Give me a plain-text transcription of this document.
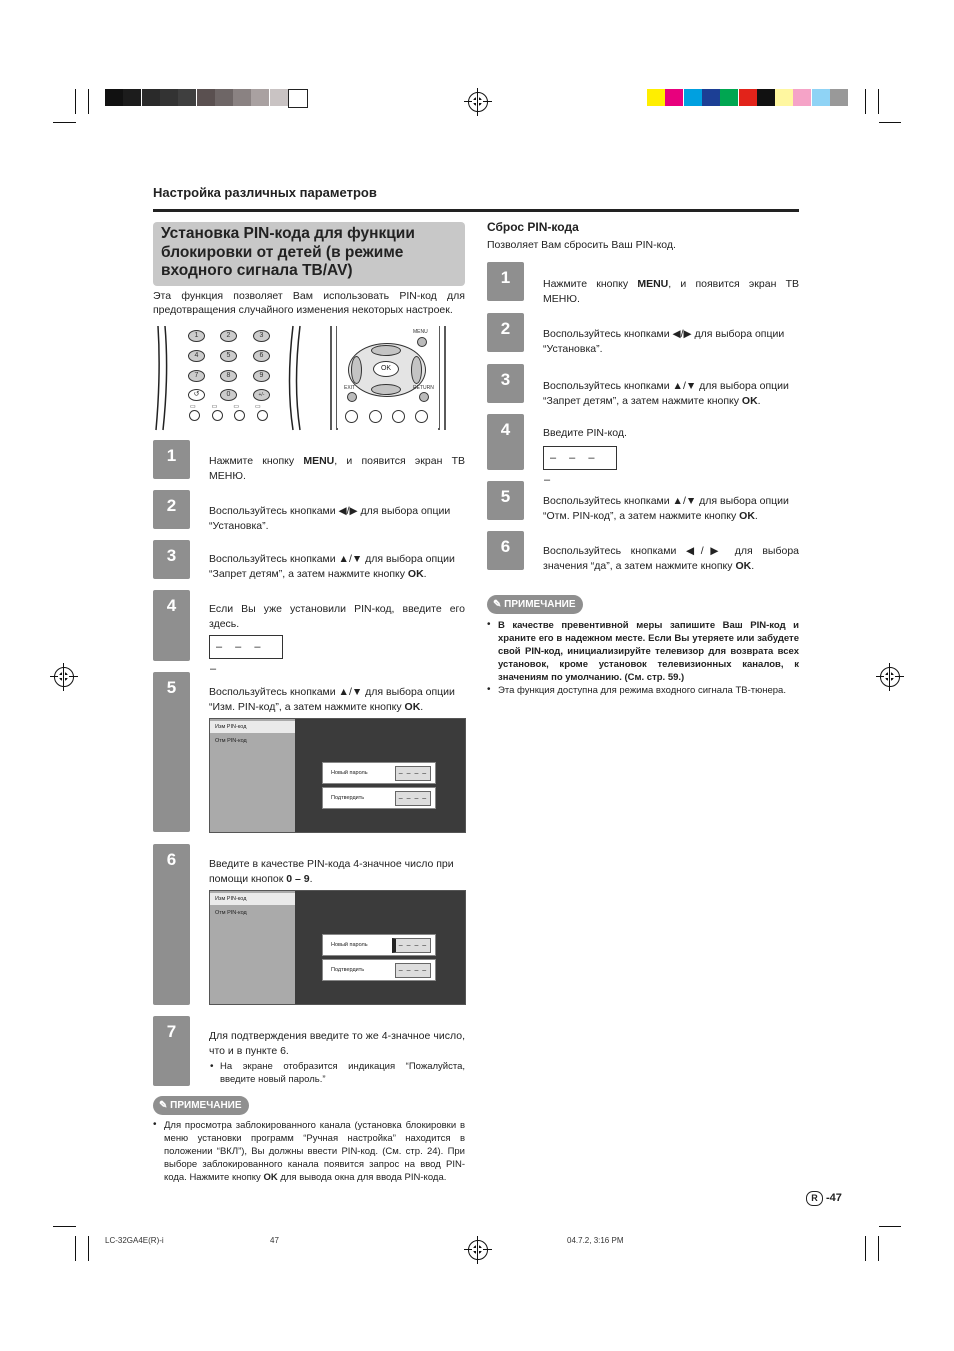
Настройка различных параметров
Установка PIN-кода для функции блокировки от детей (в режиме входного сигнала ТВ/AV)
Эта функция позволяет Вам использовать PIN-код для предотвращения случайного изменения некоторых настроек.
1	2	3
4	5	6
7	8	9
↺	0	+/-
▭▭▭▭
MENU
OK
EXIT	RETURN
1	Нажмите кнопку MENU, и появится экран ТВ МЕНЮ.
2	Воспользуйтесь кнопками ◀/▶ для выбора опции “Установка”.
3	Воспользуйтесь кнопками ▲/▼ для выбора опции “Запрет детям”, а затем нажмите кнопку OK.
4	Если Вы уже установили PIN-код, введите его здесь.
– – – –
5	Воспользуйтесь кнопками ▲/▼ для выбора опции “Изм. PIN-код”, а затем нажмите кнопку OK.
Изм PIN-код
Отм PIN-код
Новый пароль	– – – –
Подтвердить	– – – –
6	Введите в качестве PIN-кода 4-значное число при помощи кнопок 0 – 9.
Изм PIN-код
Отм PIN-код
Новый пароль	– – – –
Подтвердить	– – – –
7	Для подтверждения введите то же 4-значное число, что и в пункте 6.
• На экране отобразится индикация “Пожалуйста, введите новый пароль.”
✎ ПРИМЕЧАНИЕ
• Для просмотра заблокированного канала (установка блокировки в меню установки программ “Ручная настройка” находится в положении “ВКЛ”), Вы должны ввести PIN-код. (См. стр. 24). При выборе заблокированного канала появится запрос на ввод PIN-кода. Нажмите кнопку OK для вывода окна для ввода PIN-кода.
Сброс PIN-кода
Позволяет Вам сбросить Ваш PIN-код.
1	Нажмите кнопку MENU, и появится экран ТВ МЕНЮ.
2	Воспользуйтесь кнопками ◀/▶ для выбора опции “Установка”.
3	Воспользуйтесь кнопками ▲/▼ для выбора опции “Запрет детям”, а затем нажмите кнопку OK.
4	Введите PIN-код.
– – – –
5	Воспользуйтесь кнопками ▲/▼ для выбора опции “Отм. PIN-код”, а затем нажмите кнопку OK.
6	Воспользуйтесь кнопками ◀/▶ для выбора значения “да”, а затем нажмите кнопку OK.
✎ ПРИМЕЧАНИЕ
• В качестве превентивной меры запишите Ваш PIN-код и храните его в надежном месте. Если Вы утеряете или забудете свой PIN-код, инициализируйте телевизор для возврата всех установок, кроме установок телевизионных каналов, к значениям по умолчанию. (См. стр. 59.)
• Эта функция доступна для режима входного сигнала ТВ-тюнера.
R -47
LC-32GA4E(R)-i	47	04.7.2, 3:16 PM
